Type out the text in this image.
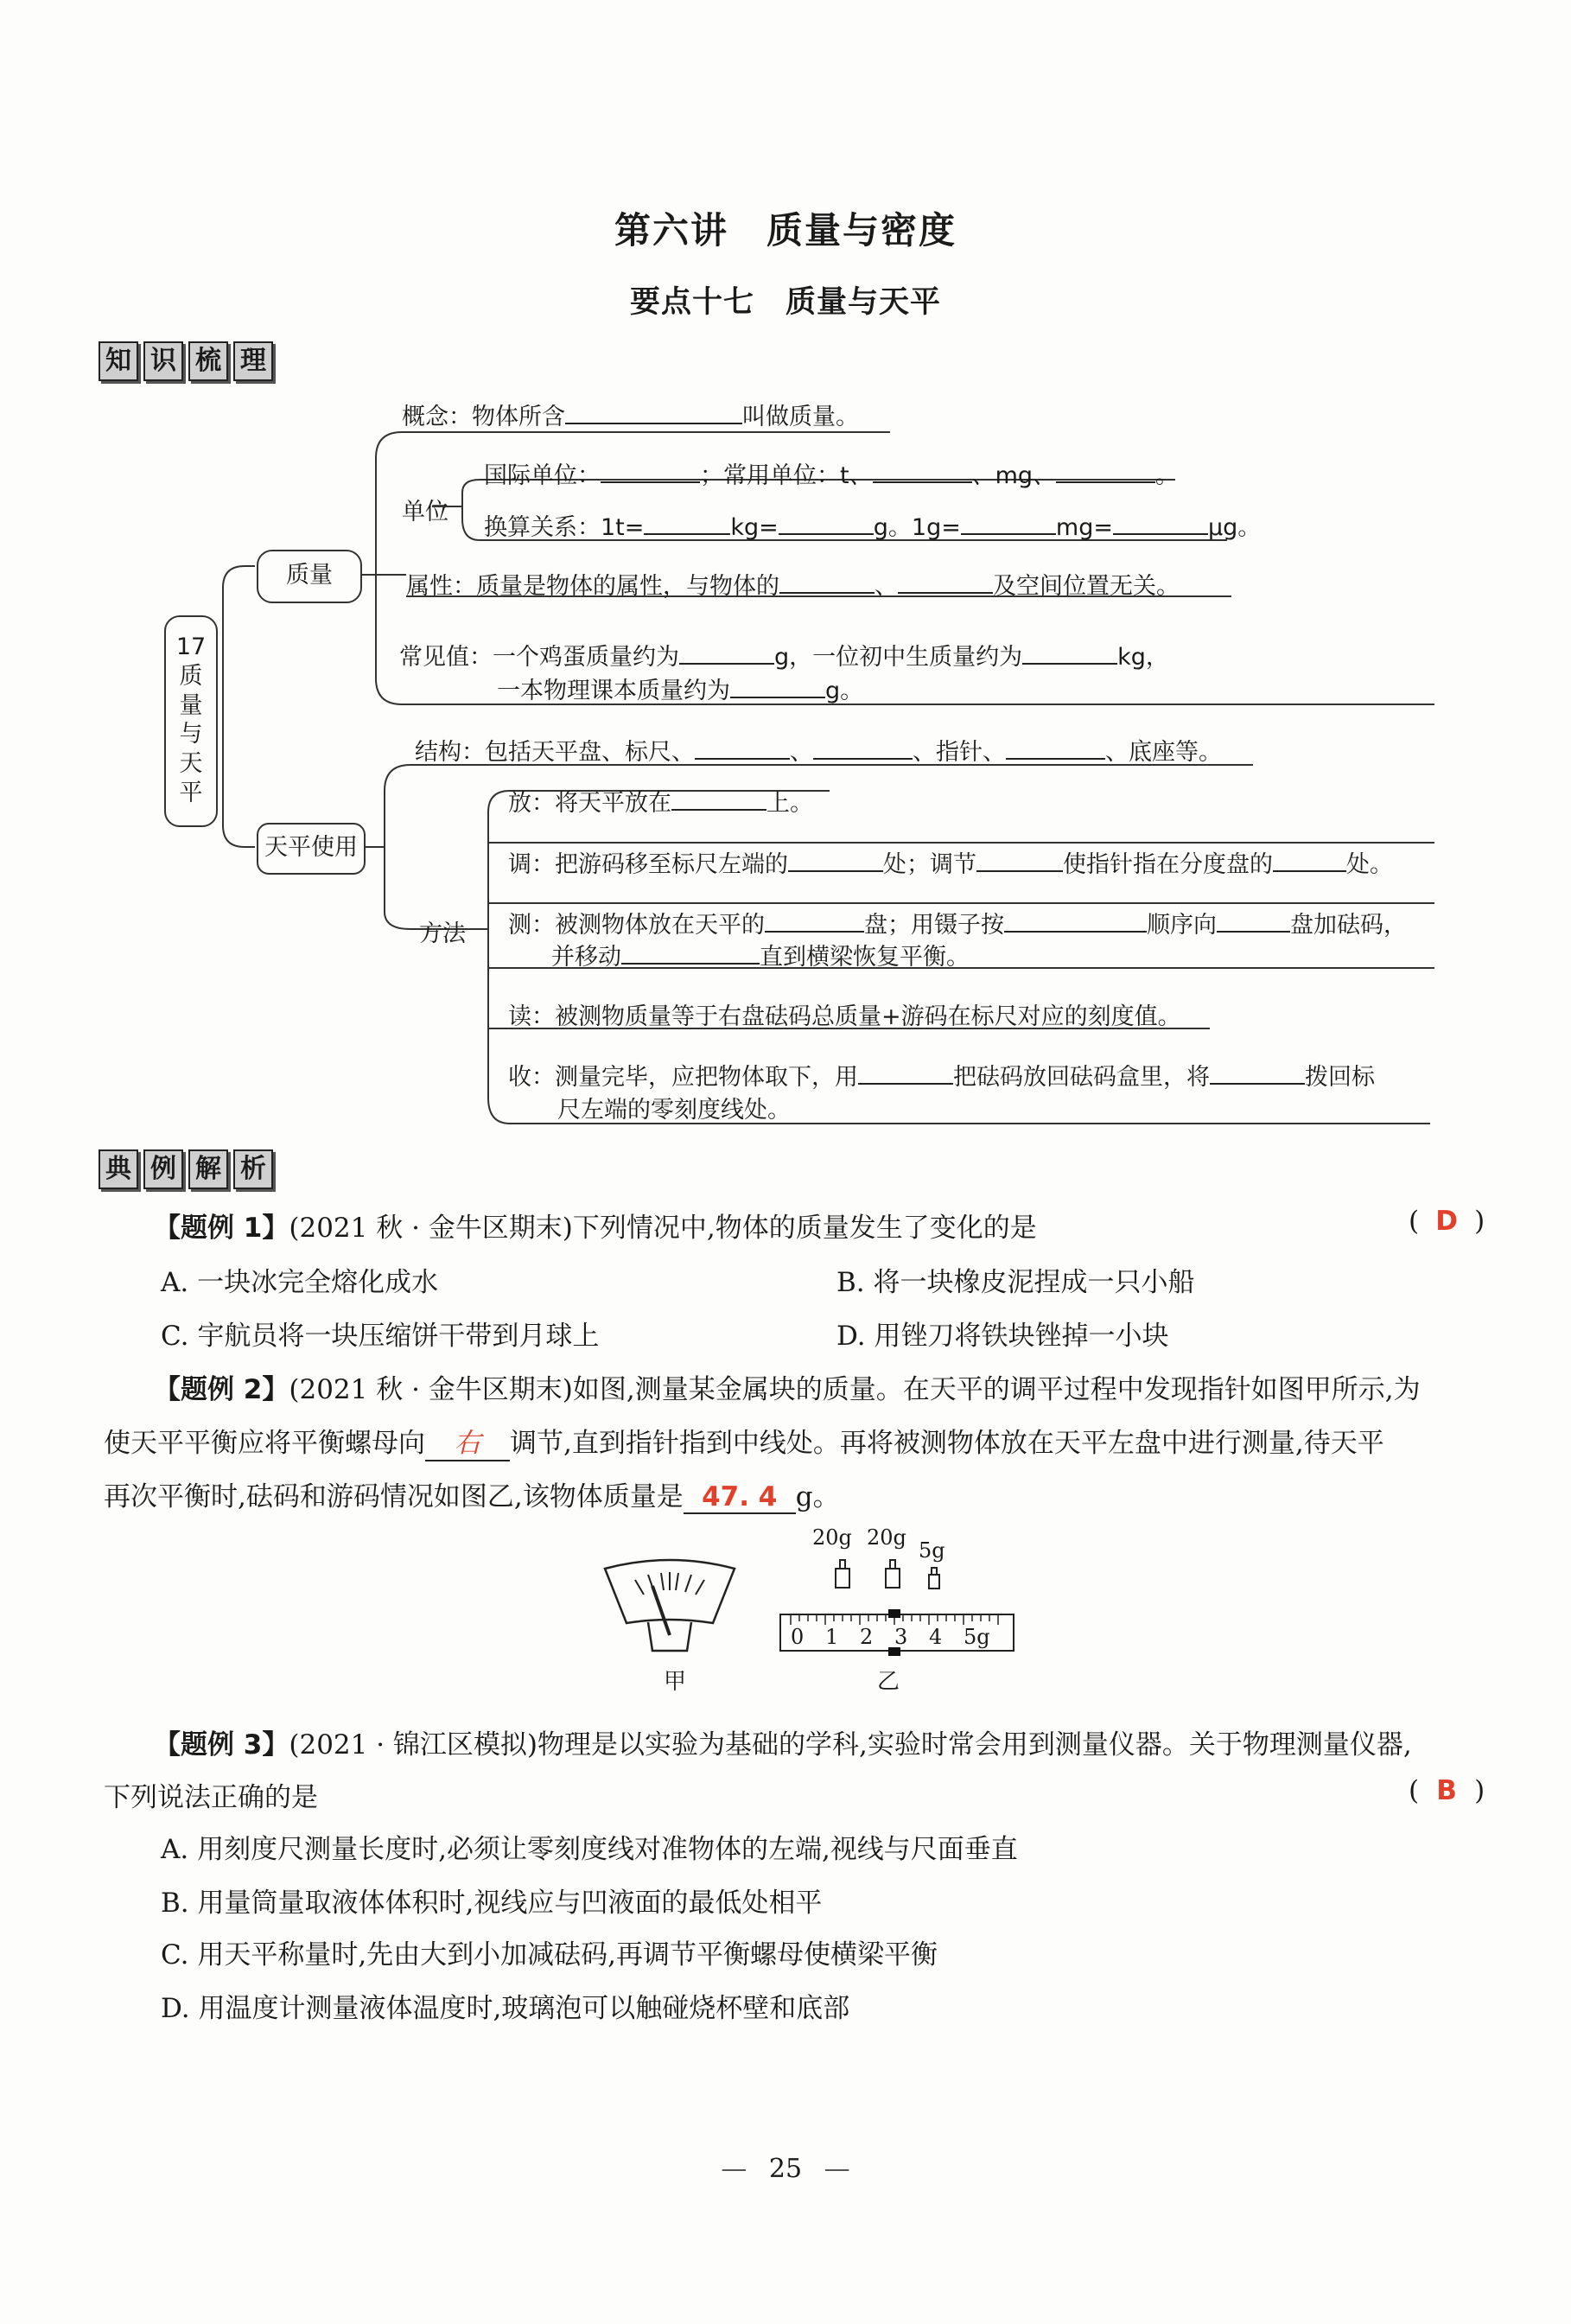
第六讲　质量与密度
要点十七　质量与天平
知 识 梳 理
17
质
量
与
天
平
质量
天平使用
单位
方法
概念：物体所含	叫做质量。
国际单位：	；常用单位：t、	、mg、	。
换算关系：1t=	kg=	g。1g=	mg=	μg。
属性：质量是物体的属性，与物体的	、	及空间位置无关。
常见值：一个鸡蛋质量约为	g，一位初中生质量约为	kg，
一本物理课本质量约为	g。
结构：包括天平盘、标尺、	、	、指针、	、底座等。
放：将天平放在	上。
调：把游码移至标尺左端的	处；调节	使指针指在分度盘的	处。
测：被测物体放在天平的	盘；用镊子按	顺序向	盘加砝码，
并移动	直到横梁恢复平衡。
读：被测物质量等于右盘砝码总质量+游码在标尺对应的刻度值。
收：测量完毕，应把物体取下，用	把砝码放回砝码盒里，将	拨回标
尺左端的零刻度线处。
典 例 解 析
【题例 1】(2021 秋 · 金牛区期末)下列情况中,物体的质量发生了变化的是	( D )
A. 一块冰完全熔化成水	B. 将一块橡皮泥捏成一只小船
C. 宇航员将一块压缩饼干带到月球上	D. 用锉刀将铁块锉掉一小块
【题例 2】(2021 秋 · 金牛区期末)如图,测量某金属块的质量。在天平的调平过程中发现指针如图甲所示,为
使天平平衡应将平衡螺母向 右 调节,直到指针指到中线处。再将被测物体放在天平左盘中进行测量,待天平
再次平衡时,砝码和游码情况如图乙,该物体质量是 47. 4 g。
甲
20g 20g
5g
0 1 2 3 4 5g
乙
【题例 3】(2021 · 锦江区模拟)物理是以实验为基础的学科,实验时常会用到测量仪器。关于物理测量仪器,
下列说法正确的是	( B )
A. 用刻度尺测量长度时,必须让零刻度线对准物体的左端,视线与尺面垂直
B. 用量筒量取液体体积时,视线应与凹液面的最低处相平
C. 用天平称量时,先由大到小加减砝码,再调节平衡螺母使横梁平衡
D. 用温度计测量液体温度时,玻璃泡可以触碰烧杯壁和底部
— 25 —
